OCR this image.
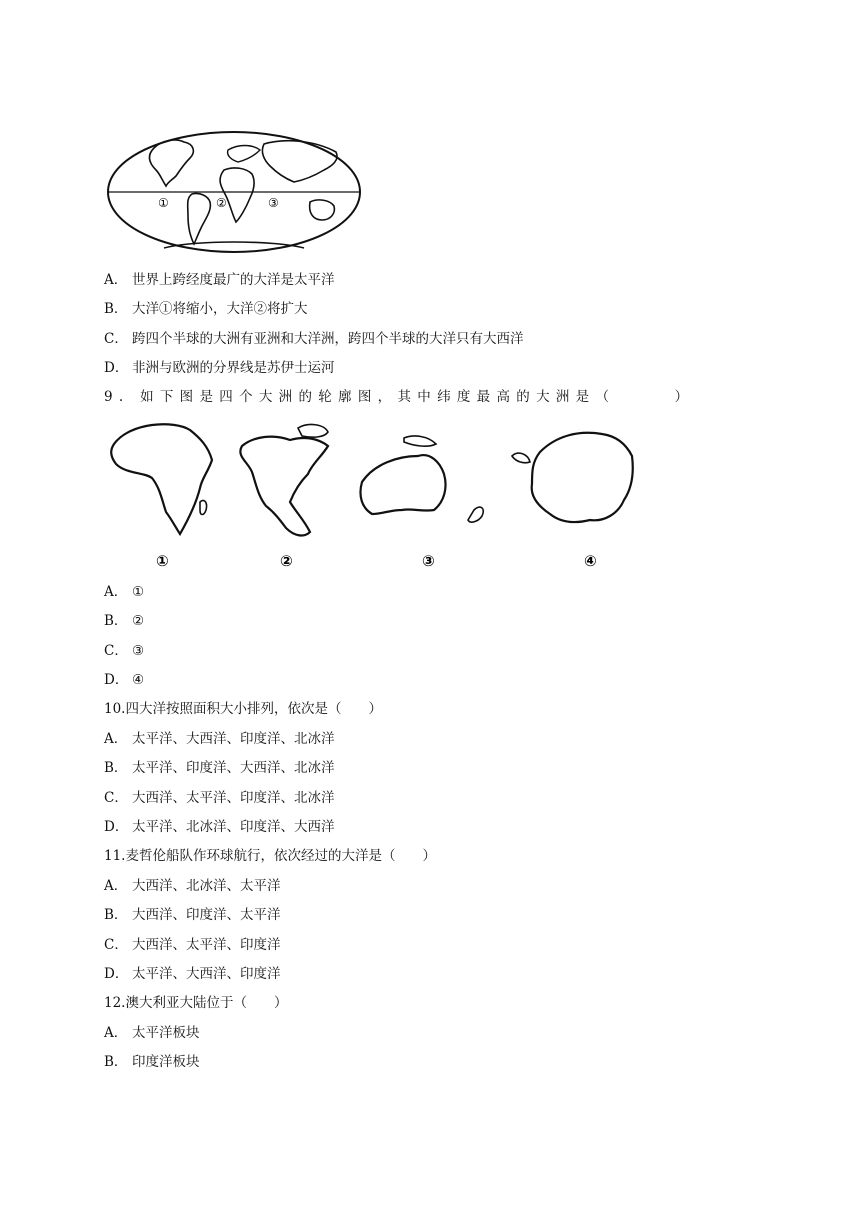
①	②	③
A． 世界上跨经度最广的大洋是太平洋
B． 大洋①将缩小，大洋②将扩大
C． 跨四个半球的大洲有亚洲和大洋洲，跨四个半球的大洋只有大西洋
D． 非洲与欧洲的分界线是苏伊士运河
9. 如下图是四个大洲的轮廓图，其中纬度最高的大洲是（　　　）
①	②	③	④
A． ①
B． ②
C． ③
D． ④
10.四大洋按照面积大小排列，依次是（　　）
A． 太平洋、大西洋、印度洋、北冰洋
B． 太平洋、印度洋、大西洋、北冰洋
C． 大西洋、太平洋、印度洋、北冰洋
D． 太平洋、北冰洋、印度洋、大西洋
11.麦哲伦船队作环球航行，依次经过的大洋是（　　）
A． 大西洋、北冰洋、太平洋
B． 大西洋、印度洋、太平洋
C． 大西洋、太平洋、印度洋
D． 太平洋、大西洋、印度洋
12.澳大利亚大陆位于（　　）
A． 太平洋板块
B． 印度洋板块
